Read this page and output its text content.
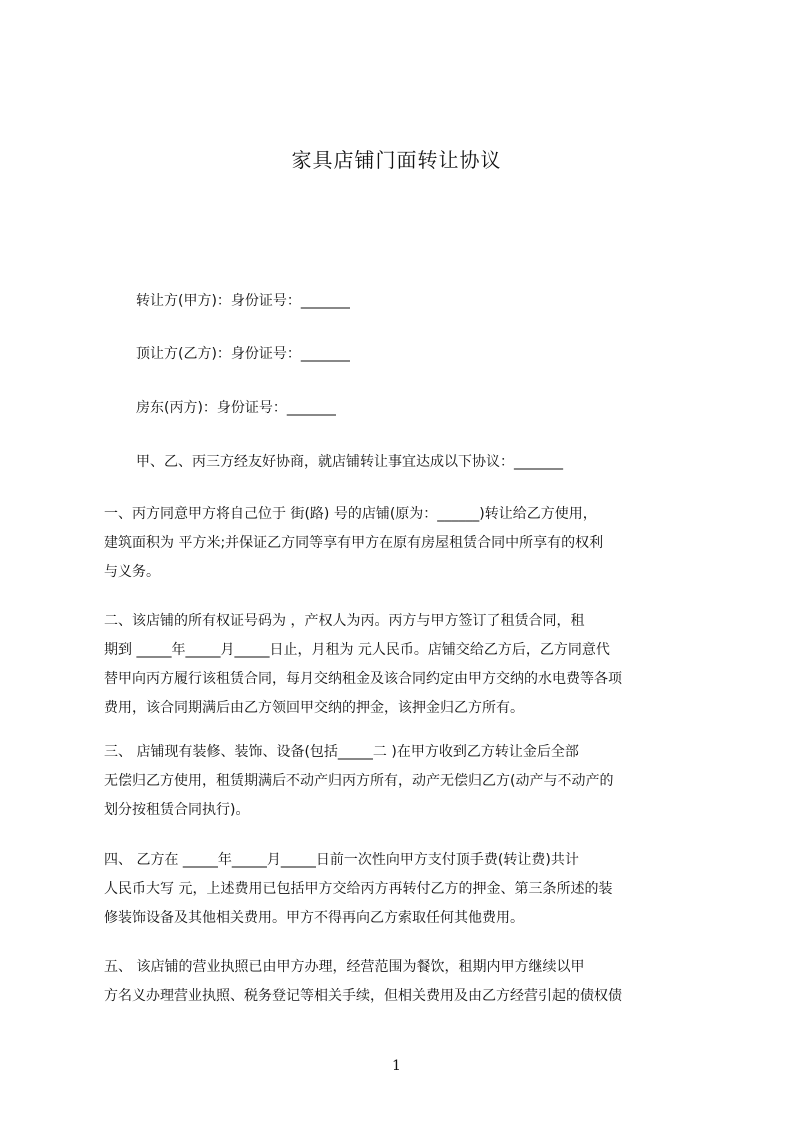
家具店铺门面转让协议
转让方(甲方)：身份证号：_______
顶让方(乙方)：身份证号：_______
房东(丙方)：身份证号：_______
甲、乙、丙三方经友好协商，就店铺转让事宜达成以下协议：_______
一、丙方同意甲方将自己位于 街(路) 号的店铺(原为：______)转让给乙方使用，
建筑面积为 平方米;并保证乙方同等享有甲方在原有房屋租赁合同中所享有的权利
与义务。
二、该店铺的所有权证号码为 ，产权人为丙。丙方与甲方签订了租赁合同，租
期到 _____年_____月_____日止，月租为 元人民币。店铺交给乙方后，乙方同意代
替甲向丙方履行该租赁合同，每月交纳租金及该合同约定由甲方交纳的水电费等各项
费用，该合同期满后由乙方领回甲交纳的押金，该押金归乙方所有。
三、 店铺现有装修、装饰、设备(包括_____二 )在甲方收到乙方转让金后全部
无偿归乙方使用，租赁期满后不动产归丙方所有，动产无偿归乙方(动产与不动产的
划分按租赁合同执行)。
四、 乙方在 _____年_____月_____日前一次性向甲方支付顶手费(转让费)共计
人民币大写 元，上述费用已包括甲方交给丙方再转付乙方的押金、第三条所述的装
修装饰设备及其他相关费用。甲方不得再向乙方索取任何其他费用。
五、 该店铺的营业执照已由甲方办理，经营范围为餐饮，租期内甲方继续以甲
方名义办理营业执照、税务登记等相关手续，但相关费用及由乙方经营引起的债权债
1
